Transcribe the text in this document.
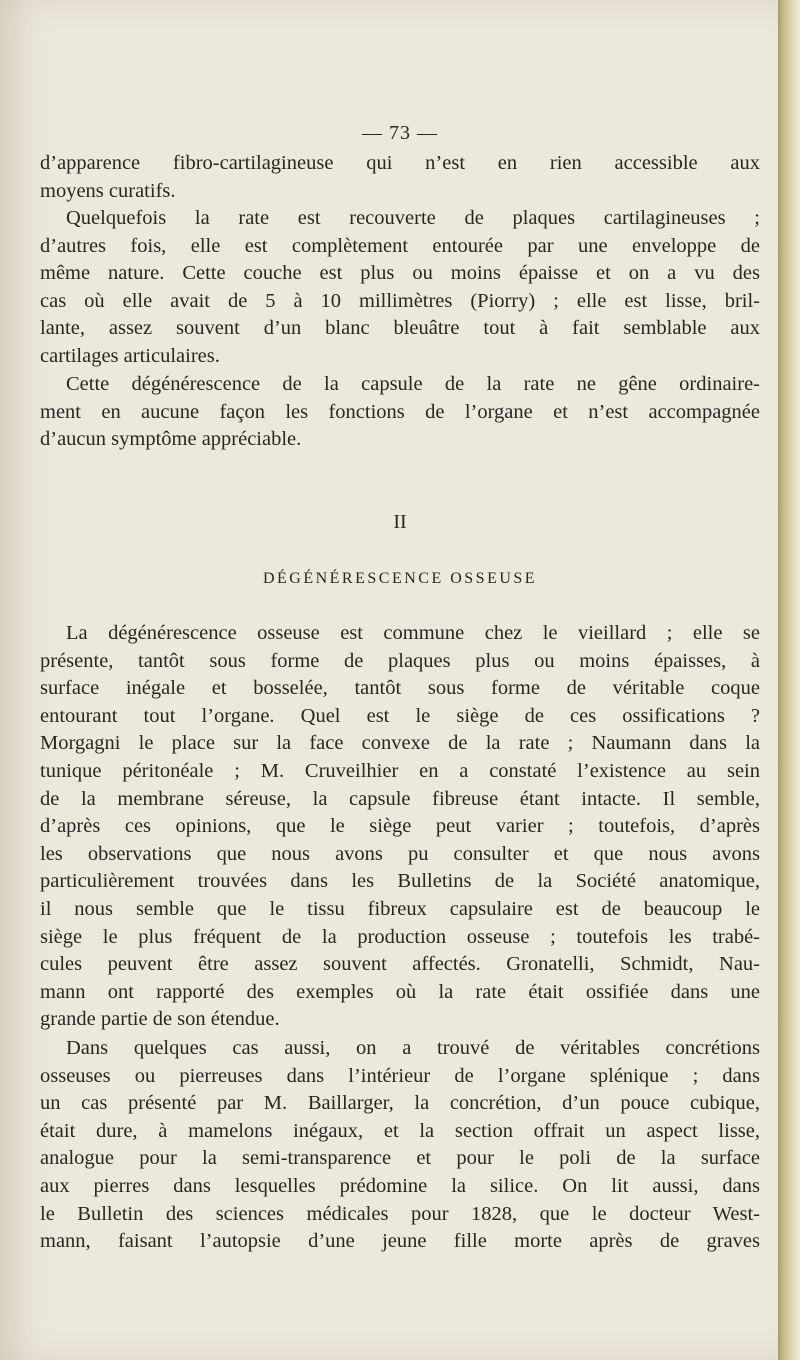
— 73 —

d’apparence fibro-cartilagineuse qui n’est en rien accessible aux
moyens curatifs.

Quelquefois la rate est recouverte de plaques cartilagineuses ;
d’autres fois, elle est complètement entourée par une enveloppe de
même nature. Cette couche est plus ou moins épaisse et on a vu des
cas où elle avait de 5 à 10 millimètres (Piorry) ; elle est lisse, bril-
lante, assez souvent d’un blanc bleuâtre tout à fait semblable aux
cartilages articulaires.

Cette dégénérescence de la capsule de la rate ne gêne ordinaire-
ment en aucune façon les fonctions de l’organe et n’est accompagnée
d’aucun symptôme appréciable.

II
DÉGÉNÉRESCENCE OSSEUSE

La dégénérescence osseuse est commune chez le vieillard ; elle se
présente, tantôt sous forme de plaques plus ou moins épaisses, à
surface inégale et bosselée, tantôt sous forme de véritable coque
entourant tout l’organe. Quel est le siège de ces ossifications ?
Morgagni le place sur la face convexe de la rate ; Naumann dans la
tunique péritonéale ; M. Cruveilhier en a constaté l’existence au sein
de la membrane séreuse, la capsule fibreuse étant intacte. Il semble,
d’après ces opinions, que le siège peut varier ; toutefois, d’après
les observations que nous avons pu consulter et que nous avons
particulièrement trouvées dans les Bulletins de la Société anatomique,
il nous semble que le tissu fibreux capsulaire est de beaucoup le
siège le plus fréquent de la production osseuse ; toutefois les trabé-
cules peuvent être assez souvent affectés. Gronatelli, Schmidt, Nau-
mann ont rapporté des exemples où la rate était ossifiée dans une
grande partie de son étendue.

Dans quelques cas aussi, on a trouvé de véritables concrétions
osseuses ou pierreuses dans l’intérieur de l’organe splénique ; dans
un cas présenté par M. Baillarger, la concrétion, d’un pouce cubique,
était dure, à mamelons inégaux, et la section offrait un aspect lisse,
analogue pour la semi-transparence et pour le poli de la surface
aux pierres dans lesquelles prédomine la silice. On lit aussi, dans
le Bulletin des sciences médicales pour 1828, que le docteur West-
mann, faisant l’autopsie d’une jeune fille morte après de graves
